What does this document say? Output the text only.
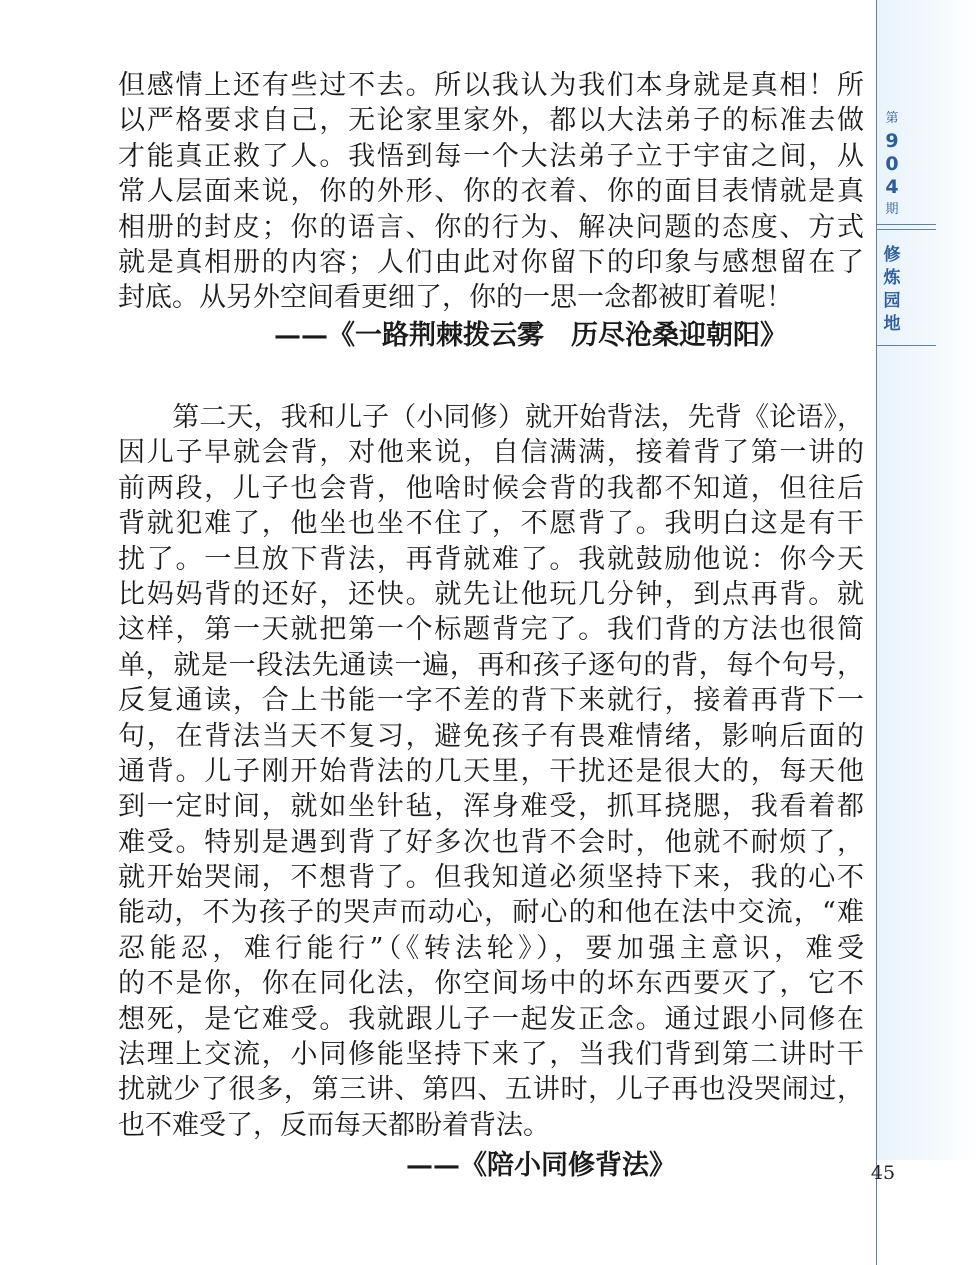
第
9
0
4
期
修
炼
园
地
45
但感情上还有些过不去。所以我认为我们本身就是真相！所
以严格要求自己，无论家里家外，都以大法弟子的标准去做
才能真正救了人。我悟到每一个大法弟子立于宇宙之间，从
常人层面来说，你的外形、你的衣着、你的面目表情就是真
相册的封皮；你的语言、你的行为、解决问题的态度、方式
就是真相册的内容；人们由此对你留下的印象与感想留在了
封底。从另外空间看更细了，你的一思一念都被盯着呢！
——《一路荆棘拨云雾　历尽沧桑迎朝阳》
　　第二天，我和儿子（小同修）就开始背法，先背《论语》，
因儿子早就会背，对他来说，自信满满，接着背了第一讲的
前两段，儿子也会背，他啥时候会背的我都不知道，但往后
背就犯难了，他坐也坐不住了，不愿背了。我明白这是有干
扰了。一旦放下背法，再背就难了。我就鼓励他说：你今天
比妈妈背的还好，还快。就先让他玩几分钟，到点再背。就
这样，第一天就把第一个标题背完了。我们背的方法也很简
单，就是一段法先通读一遍，再和孩子逐句的背，每个句号，
反复通读，合上书能一字不差的背下来就行，接着再背下一
句，在背法当天不复习，避免孩子有畏难情绪，影响后面的
通背。儿子刚开始背法的几天里，干扰还是很大的，每天他
到一定时间，就如坐针毡，浑身难受，抓耳挠腮，我看着都
难受。特别是遇到背了好多次也背不会时，他就不耐烦了，
就开始哭闹，不想背了。但我知道必须坚持下来，我的心不
能动，不为孩子的哭声而动心，耐心的和他在法中交流，“难
忍能忍，难行能行”（《转法轮》），要加强主意识，难受
的不是你，你在同化法，你空间场中的坏东西要灭了，它不
想死，是它难受。我就跟儿子一起发正念。通过跟小同修在
法理上交流，小同修能坚持下来了，当我们背到第二讲时干
扰就少了很多，第三讲、第四、五讲时，儿子再也没哭闹过，
也不难受了，反而每天都盼着背法。
——《陪小同修背法》
